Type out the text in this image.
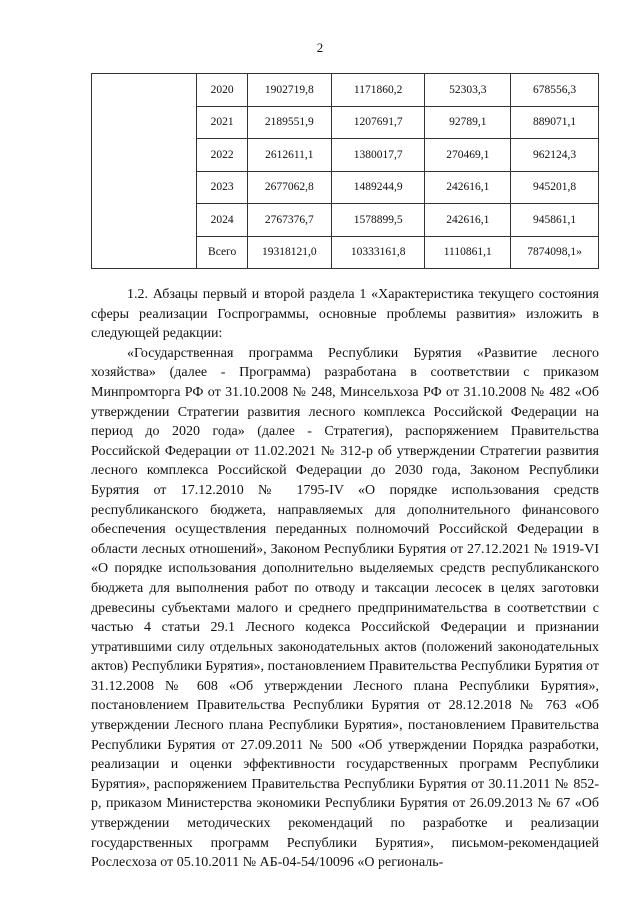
2
	2020	1902719,8	1171860,2	52303,3	678556,3
	2021	2189551,9	1207691,7	92789,1	889071,1
	2022	2612611,1	1380017,7	270469,1	962124,3
	2023	2677062,8	1489244,9	242616,1	945201,8
	2024	2767376,7	1578899,5	242616,1	945861,1
	Всего	19318121,0	10333161,8	1110861,1	7874098,1»

1.2. Абзацы первый и второй раздела 1 «Характеристика текущего состояния сферы реализации Госпрограммы, основные проблемы развития» изложить в следующей редакции:

«Государственная программа Республики Бурятия «Развитие лесного хозяйства» (далее - Программа) разработана в соответствии с приказом Минпромторга РФ от 31.10.2008 № 248, Минсельхоза РФ от 31.10.2008 № 482 «Об утверждении Стратегии развития лесного комплекса Российской Федерации на период до 2020 года» (далее - Стратегия), распоряжением Правительства Российской Федерации от 11.02.2021 № 312-р об утверждении Стратегии развития лесного комплекса Российской Федерации до 2030 года, Законом Республики Бурятия от 17.12.2010 № 1795-IV «О порядке использования средств республиканского бюджета, направляемых для дополнительного финансового обеспечения осуществления переданных полномочий Российской Федерации в области лесных отношений», Законом Республики Бурятия от 27.12.2021 № 1919-VI «О порядке использования дополнительно выделяемых средств республиканского бюджета для выполнения работ по отводу и таксации лесосек в целях заготовки древесины субъектами малого и среднего предпринимательства в соответствии с частью 4 статьи 29.1 Лесного кодекса Российской Федерации и признании утратившими силу отдельных законодательных актов (положений законодательных актов) Республики Бурятия», постановлением Правительства Республики Бурятия от 31.12.2008 № 608 «Об утверждении Лесного плана Республики Бурятия», постановлением Правительства Республики Бурятия от 28.12.2018 № 763 «Об утверждении Лесного плана Республики Бурятия», постановлением Правительства Республики Бурятия от 27.09.2011 № 500 «Об утверждении Порядка разработки, реализации и оценки эффективности государственных программ Республики Бурятия», распоряжением Правительства Республики Бурятия от 30.11.2011 № 852-р, приказом Министерства экономики Республики Бурятия от 26.09.2013 № 67 «Об утверждении методических рекомендаций по разработке и реализации государственных программ Республики Бурятия», письмом-рекомендацией Рослесхоза от 05.10.2011 № АБ-04-54/10096 «О региональ-
